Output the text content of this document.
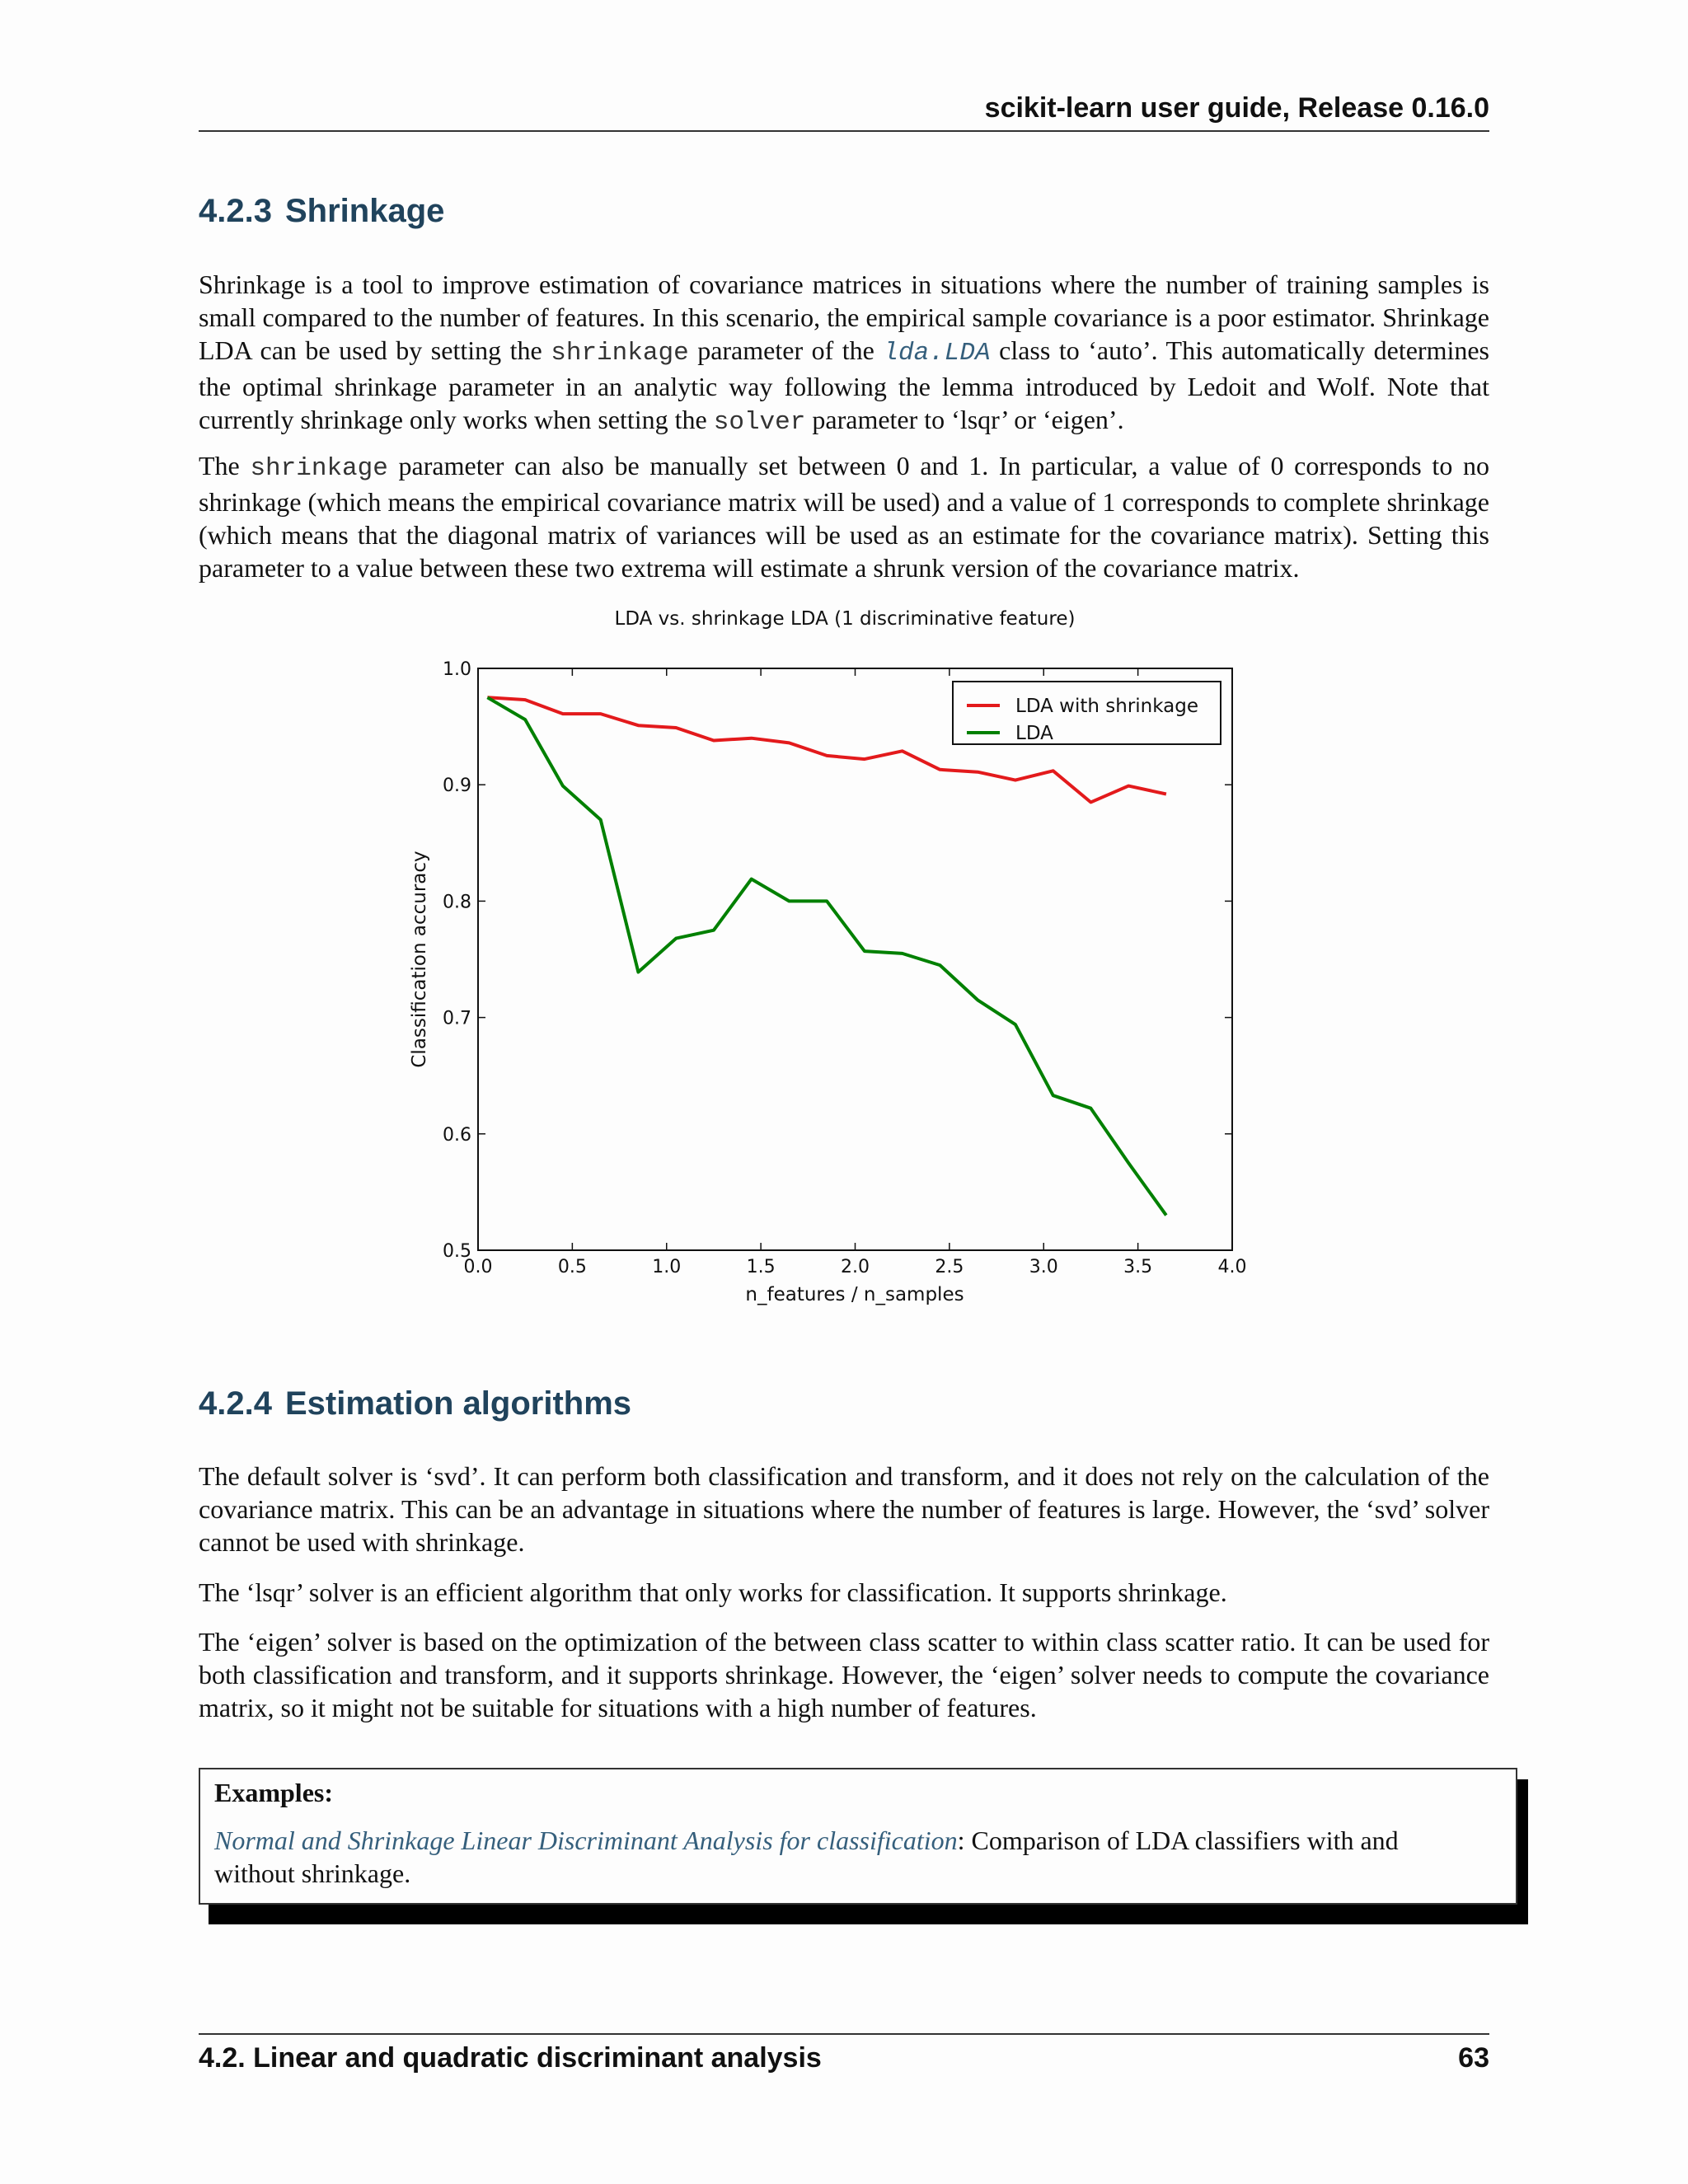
scikit-learn user guide, Release 0.16.0
4.2.3 Shrinkage

Shrinkage is a tool to improve estimation of covariance matrices in situations where the number of training samples is small compared to the number of features. In this scenario, the empirical sample covariance is a poor estimator. Shrinkage LDA can be used by setting the shrinkage parameter of the lda.LDA class to ‘auto’. This automatically determines the optimal shrinkage parameter in an analytic way following the lemma introduced by Ledoit and Wolf. Note that currently shrinkage only works when setting the solver parameter to ‘lsqr’ or ‘eigen’.

The shrinkage parameter can also be manually set between 0 and 1. In particular, a value of 0 corresponds to no shrinkage (which means the empirical covariance matrix will be used) and a value of 1 corresponds to complete shrinkage (which means that the diagonal matrix of variances will be used as an estimate for the covariance matrix). Setting this parameter to a value between these two extrema will estimate a shrunk version of the covariance matrix.

LDA vs. shrinkage LDA (1 discriminative feature)
0.0	0.5	1.0	1.5	2.0	2.5	3.0	3.5	4.0
0.5
0.6
0.7
0.8
0.9
1.0
LDA with shrinkage
LDA
n_features / n_samples
Classification accuracy
4.2.4 Estimation algorithms

The default solver is ‘svd’. It can perform both classification and transform, and it does not rely on the calculation of the covariance matrix. This can be an advantage in situations where the number of features is large. However, the ‘svd’ solver cannot be used with shrinkage.

The ‘lsqr’ solver is an efficient algorithm that only works for classification. It supports shrinkage.

The ‘eigen’ solver is based on the optimization of the between class scatter to within class scatter ratio. It can be used for both classification and transform, and it supports shrinkage. However, the ‘eigen’ solver needs to compute the covariance matrix, so it might not be suitable for situations with a high number of features.

Examples:

Normal and Shrinkage Linear Discriminant Analysis for classification: Comparison of LDA classifiers with and without shrinkage.

4.2. Linear and quadratic discriminant analysis	63
